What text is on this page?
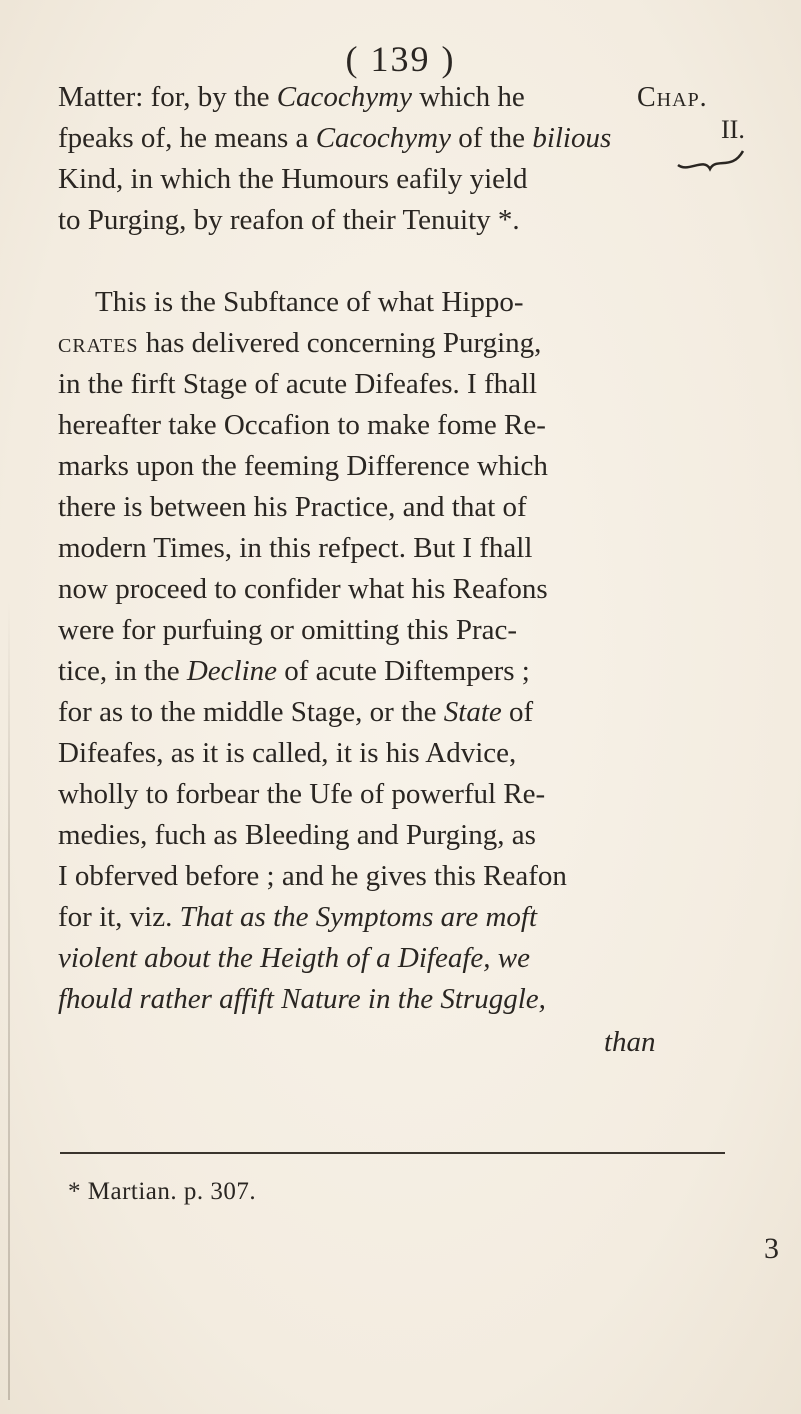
( 139 )
Chap.
II.
Matter: for, by the Cacochymy which he
fpeaks of, he means a Cacochymy of the bilious
Kind, in which the Humours eafily yield
to Purging, by reafon of their Tenuity *.
This is the Subftance of what Hippo-
crates has delivered concerning Purging,
in the firft Stage of acute Difeafes. I fhall
hereafter take Occafion to make fome Re-
marks upon the feeming Difference which
there is between his Practice, and that of
modern Times, in this refpect. But I fhall
now proceed to confider what his Reafons
were for purfuing or omitting this Prac-
tice, in the Decline of acute Diftempers ;
for as to the middle Stage, or the State of
Difeafes, as it is called, it is his Advice,
wholly to forbear the Ufe of powerful Re-
medies, fuch as Bleeding and Purging, as
I obferved before ; and he gives this Reafon
for it, viz. That as the Symptoms are moft
violent about the Heigth of a Difeafe, we
fhould rather affift Nature in the Struggle,
than
* Martian. p. 307.
3
